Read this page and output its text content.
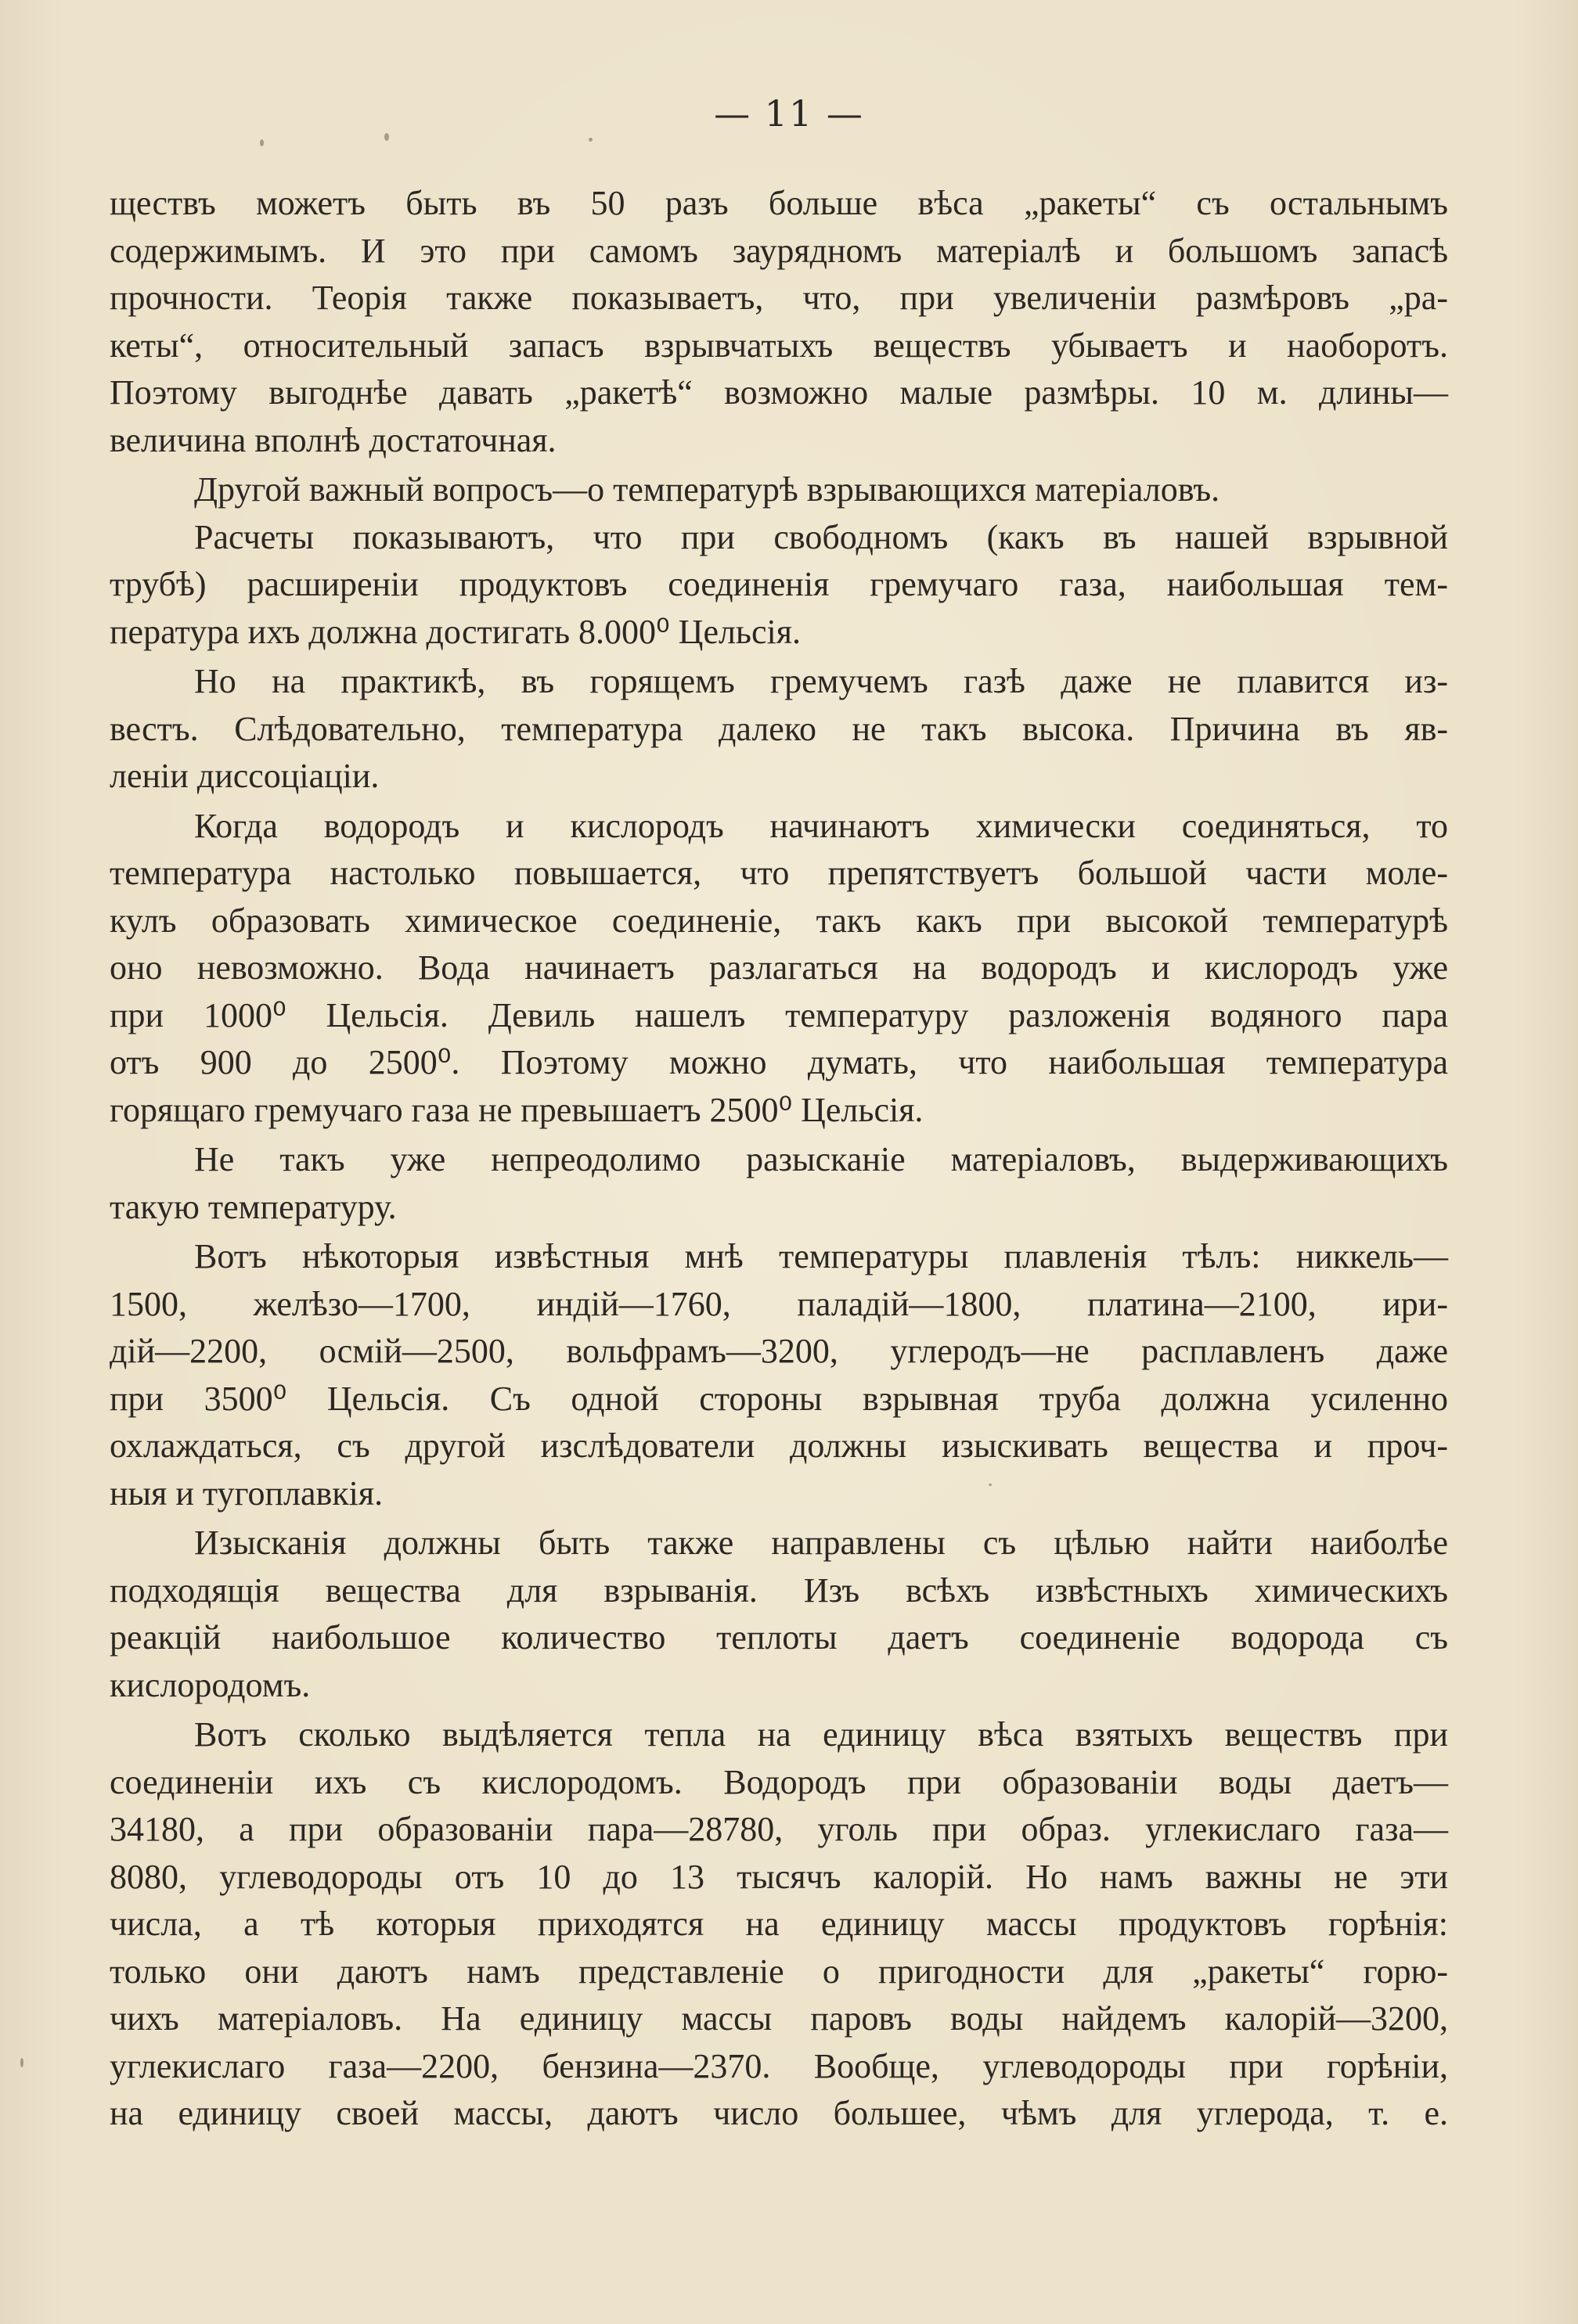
— 11 —
ществъ можетъ быть въ 50 разъ больше вѣса „ракеты“ съ остальнымъ
содержимымъ. И это при самомъ заурядномъ матеріалѣ и большомъ запасѣ
прочности. Теорія также показываетъ, что, при увеличеніи размѣровъ „ра-
кеты“, относительный запасъ взрывчатыхъ веществъ убываетъ и наоборотъ.
Поэтому выгоднѣе давать „ракетѣ“ возможно малые размѣры. 10 м. длины—
величина вполнѣ достаточная.
Другой важный вопросъ—о температурѣ взрывающихся матеріаловъ.
Расчеты показываютъ, что при свободномъ (какъ въ нашей взрывной
трубѣ) расширеніи продуктовъ соединенія гремучаго газа, наибольшая тем-
пература ихъ должна достигать 8.000⁰ Цельсія.
Но на практикѣ, въ горящемъ гремучемъ газѣ даже не плавится из-
вестъ. Слѣдовательно, температура далеко не такъ высока. Причина въ яв-
леніи диссоціаціи.
Когда водородъ и кислородъ начинаютъ химически соединяться, то
температура настолько повышается, что препятствуетъ большой части моле-
кулъ образовать химическое соединеніе, такъ какъ при высокой температурѣ
оно невозможно. Вода начинаетъ разлагаться на водородъ и кислородъ уже
при 1000⁰ Цельсія. Девиль нашелъ температуру разложенія водяного пара
отъ 900 до 2500⁰. Поэтому можно думать, что наибольшая температура
горящаго гремучаго газа не превышаетъ 2500⁰ Цельсія.
Не такъ уже непреодолимо разысканіе матеріаловъ, выдерживающихъ
такую температуру.
Вотъ нѣкоторыя извѣстныя мнѣ температуры плавленія тѣлъ: никкель—
1500, желѣзо—1700, индій—1760, паладій—1800, платина—2100, ири-
дій—2200, осмій—2500, вольфрамъ—3200, углеродъ—не расплавленъ даже
при 3500⁰ Цельсія. Съ одной стороны взрывная труба должна усиленно
охлаждаться, съ другой изслѣдователи должны изыскивать вещества и проч-
ныя и тугоплавкія.
Изысканія должны быть также направлены съ цѣлью найти наиболѣе
подходящія вещества для взрыванія. Изъ всѣхъ извѣстныхъ химическихъ
реакцій наибольшое количество теплоты даетъ соединеніе водорода съ
кислородомъ.
Вотъ сколько выдѣляется тепла на единицу вѣса взятыхъ веществъ при
соединеніи ихъ съ кислородомъ. Водородъ при образованіи воды даетъ—
34180, а при образованіи пара—28780, уголь при образ. углекислаго газа—
8080, углеводороды отъ 10 до 13 тысячъ калорій. Но намъ важны не эти
числа, а тѣ которыя приходятся на единицу массы продуктовъ горѣнія:
только они даютъ намъ представленіе о пригодности для „ракеты“ горю-
чихъ матеріаловъ. На единицу массы паровъ воды найдемъ калорій—3200,
углекислаго газа—2200, бензина—2370. Вообще, углеводороды при горѣніи,
на единицу своей массы, даютъ число большее, чѣмъ для углерода, т. е.
